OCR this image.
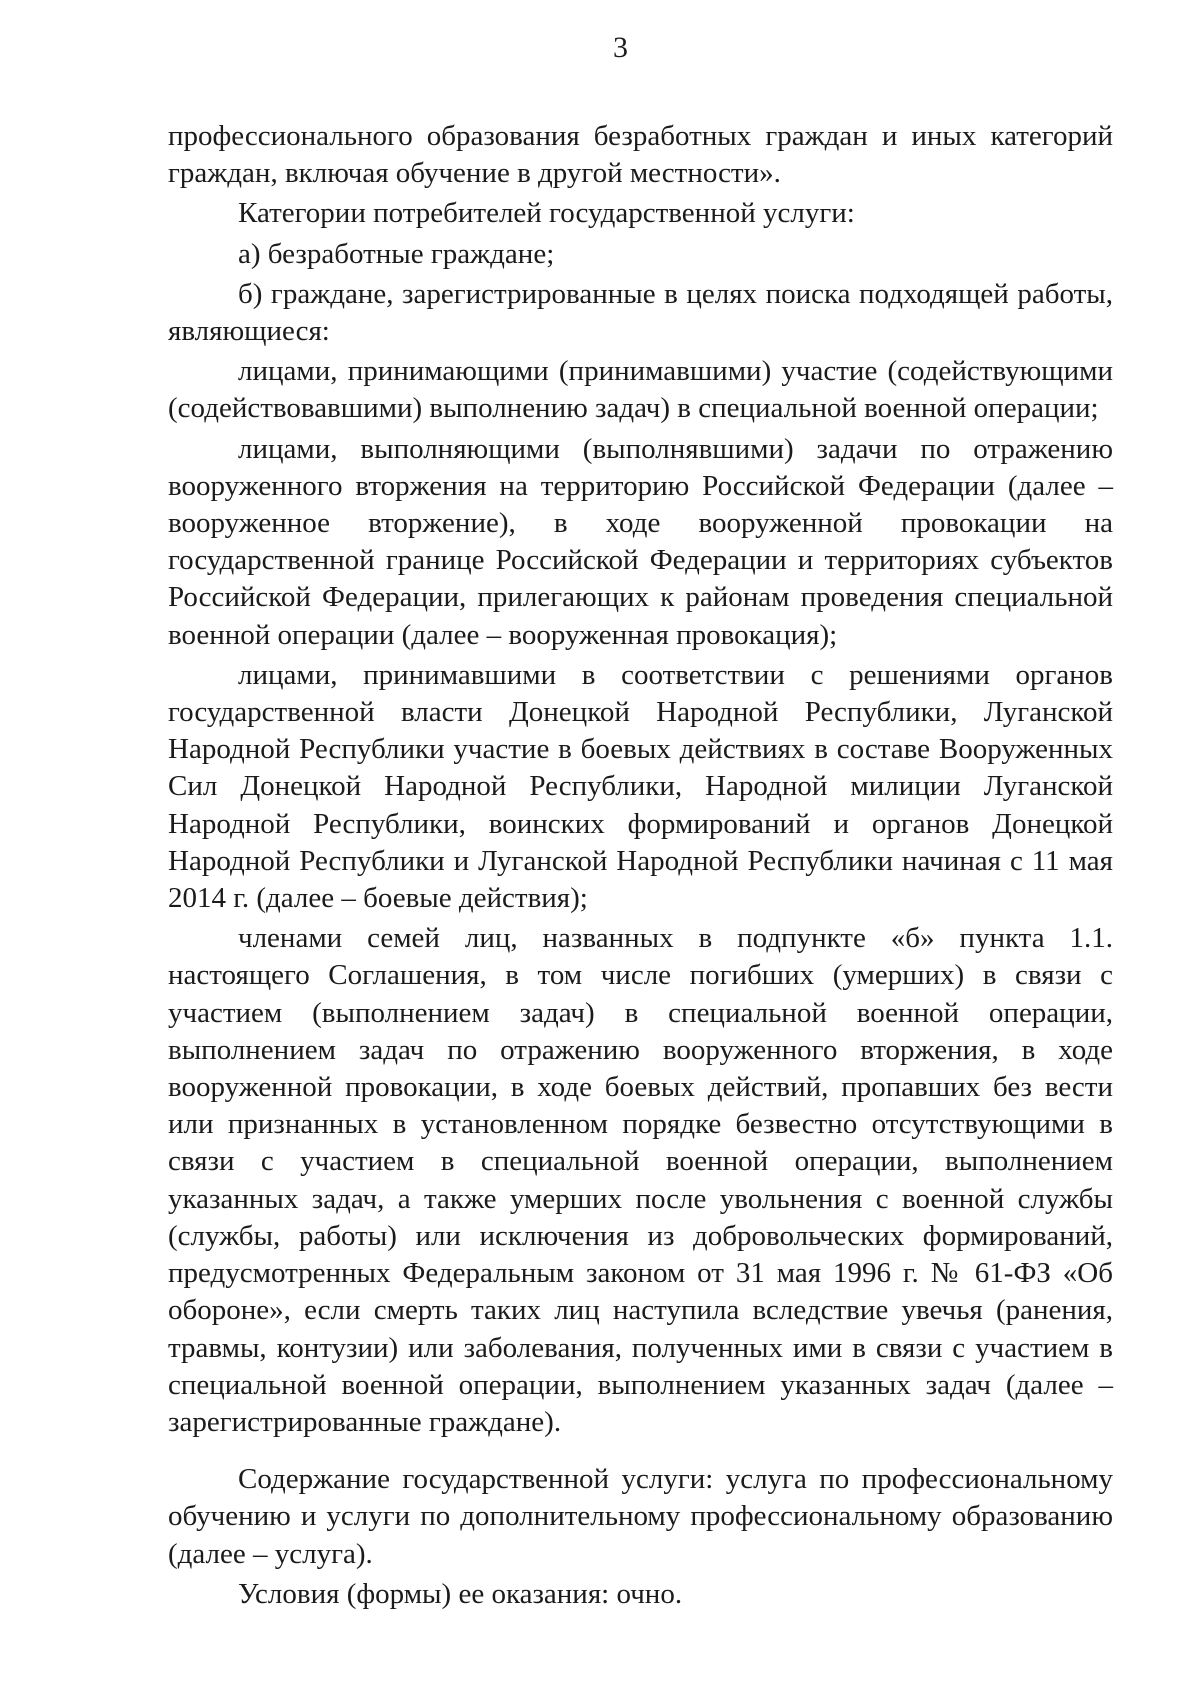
3

профессионального образования безработных граждан и иных категорий граждан, включая обучение в другой местности».

Категории потребителей государственной услуги:

а) безработные граждане;

б) граждане, зарегистрированные в целях поиска подходящей работы, являющиеся:

лицами, принимающими (принимавшими) участие (содействующими (содействовавшими) выполнению задач) в специальной военной операции;

лицами, выполняющими (выполнявшими) задачи по отражению вооруженного вторжения на территорию Российской Федерации (далее – вооруженное вторжение), в ходе вооруженной провокации на государственной границе Российской Федерации и территориях субъектов Российской Федерации, прилегающих к районам проведения специальной военной операции (далее – вооруженная провокация);

лицами, принимавшими в соответствии с решениями органов государственной власти Донецкой Народной Республики, Луганской Народной Республики участие в боевых действиях в составе Вооруженных Сил Донецкой Народной Республики, Народной милиции Луганской Народной Республики, воинских формирований и органов Донецкой Народной Республики и Луганской Народной Республики начиная с 11 мая 2014 г. (далее – боевые действия);

членами семей лиц, названных в подпункте «б» пункта 1.1. настоящего Соглашения, в том числе погибших (умерших) в связи с участием (выполнением задач) в специальной военной операции, выполнением задач по отражению вооруженного вторжения, в ходе вооруженной провокации, в ходе боевых действий, пропавших без вести или признанных в установленном порядке безвестно отсутствующими в связи с участием в специальной военной операции, выполнением указанных задач, а также умерших после увольнения с военной службы (службы, работы) или исключения из добровольческих формирований, предусмотренных Федеральным законом от 31 мая 1996 г. № 61-ФЗ «Об обороне», если смерть таких лиц наступила вследствие увечья (ранения, травмы, контузии) или заболевания, полученных ими в связи с участием в специальной военной операции, выполнением указанных задач (далее – зарегистрированные граждане).

Содержание государственной услуги: услуга по профессиональному обучению и услуги по дополнительному профессиональному образованию (далее – услуга).

Условия (формы) ее оказания: очно.
